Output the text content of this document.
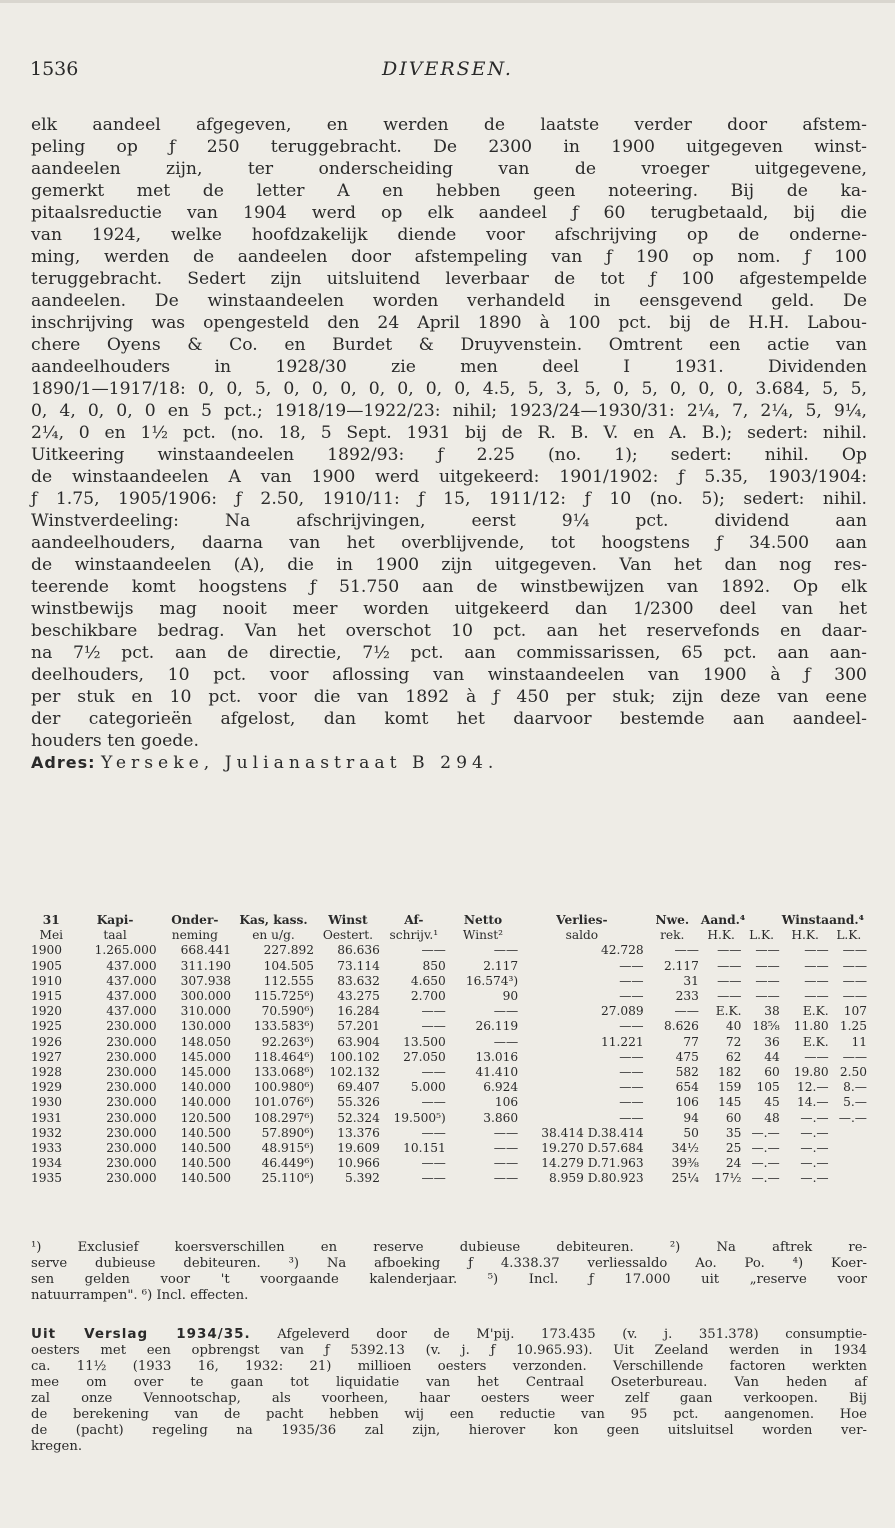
1536	DIVERSEN.

elk aandeel afgegeven, en werden de laatste verder door afstem-

peling op ƒ 250 teruggebracht. De 2300 in 1900 uitgegeven winst-

aandeelen zijn, ter onderscheiding van de vroeger uitgegevene,

gemerkt met de letter A en hebben geen noteering. Bij de ka-

pitaalsreductie van 1904 werd op elk aandeel ƒ 60 terugbetaald, bij die

van 1924, welke hoofdzakelijk diende voor afschrijving op de onderne-

ming, werden de aandeelen door afstempeling van ƒ 190 op nom. ƒ 100

teruggebracht. Sedert zijn uitsluitend leverbaar de tot ƒ 100 afgestempelde

aandeelen. De winstaandeelen worden verhandeld in eensgevend geld. De

inschrijving was opengesteld den 24 April 1890 à 100 pct. bij de H.H. Labou-

chere Oyens & Co. en Burdet & Druyvenstein. Omtrent een actie van

aandeelhouders in 1928/30 zie men deel I 1931. Dividenden

1890/1—1917/18: 0, 0, 5, 0, 0, 0, 0, 0, 0, 0, 4.5, 5, 3, 5, 0, 5, 0, 0, 0, 3.684, 5, 5,

0, 4, 0, 0, 0 en 5 pct.; 1918/19—1922/23: nihil; 1923/24—1930/31: 2¼, 7, 2¼, 5, 9¼,

2¼, 0 en 1½ pct. (no. 18, 5 Sept. 1931 bij de R. B. V. en A. B.); sedert: nihil.

Uitkeering winstaandeelen 1892/93: ƒ 2.25 (no. 1); sedert: nihil. Op

de winstaandeelen A van 1900 werd uitgekeerd: 1901/1902: ƒ 5.35, 1903/1904:

ƒ 1.75, 1905/1906: ƒ 2.50, 1910/11: ƒ 15, 1911/12: ƒ 10 (no. 5); sedert: nihil.

Winstverdeeling: Na afschrijvingen, eerst 9¼ pct. dividend aan

aandeelhouders, daarna van het overblijvende, tot hoogstens ƒ 34.500 aan

de winstaandeelen (A), die in 1900 zijn uitgegeven. Van het dan nog res-

teerende komt hoogstens ƒ 51.750 aan de winstbewijzen van 1892. Op elk

winstbewijs mag nooit meer worden uitgekeerd dan 1/2300 deel van het

beschikbare bedrag. Van het overschot 10 pct. aan het reservefonds en daar-

na 7½ pct. aan de directie, 7½ pct. aan commissarissen, 65 pct. aan aan-

deelhouders, 10 pct. voor aflossing van winstaandeelen van 1900 à ƒ 300

per stuk en 10 pct. voor die van 1892 à ƒ 450 per stuk; zijn deze van eene

der categorieën afgelost, dan komt het daarvoor bestemde aan aandeel-

houders ten goede.

Adres: Yerseke, Julianastraat B 294.

31	Kapi-	Onder-	Kas, kass.	Winst	Af-	Netto	Verlies-	Nwe.	Aand.⁴		Winstaand.⁴	
Mei	taal	neming	en u/g.	Oestert.	schrijv.¹	Winst²	saldo	rek.	H.K.	L.K.	H.K.	L.K.
1900	1.265.000	668.441	227.892	86.636	——	——	42.728	——	——	——	——	——
1905	437.000	311.190	104.505	73.114	850	2.117	——	2.117	——	——	——	——
1910	437.000	307.938	112.555	83.632	4.650	16.574³)	——	31	——	——	——	——
1915	437.000	300.000	115.725⁶)	43.275	2.700	90	——	233	——	——	——	——
1920	437.000	310.000	70.590⁶)	16.284	——	——	27.089	——	E.K.	38	E.K.	107
1925	230.000	130.000	133.583⁶)	57.201	——	26.119	——	8.626	40	18⅝	11.80	1.25
1926	230.000	148.050	92.263⁶)	63.904	13.500	——	11.221	77	72	36	E.K.	11
1927	230.000	145.000	118.464⁶)	100.102	27.050	13.016	——	475	62	44	——	——
1928	230.000	145.000	133.068⁶)	102.132	——	41.410	——	582	182	60	19.80	2.50
1929	230.000	140.000	100.980⁶)	69.407	5.000	6.924	——	654	159	105	12.—	8.—
1930	230.000	140.000	101.076⁶)	55.326	——	106	——	106	145	45	14.—	5.—
1931	230.000	120.500	108.297⁶)	52.324	19.500⁵)	3.860	——	94	60	48	—.—	—.—
1932	230.000	140.500	57.890⁶)	13.376	——	——	38.414 D.38.414	50	35	—.—	—.—	
1933	230.000	140.500	48.915⁶)	19.609	10.151	——	19.270 D.57.684	34½	25	—.—	—.—	
1934	230.000	140.500	46.449⁶)	10.966	——	——	14.279 D.71.963	39⅜	24	—.—	—.—	
1935	230.000	140.500	25.110⁶)	5.392	——	——	8.959 D.80.923	25¼	17½	—.—	—.—	

¹) Exclusief koersverschillen en reserve dubieuse debiteuren. ²) Na aftrek re-

serve dubieuse debiteuren. ³) Na afboeking ƒ 4.338.37 verliessaldo Ao. Po. ⁴) Koer-

sen gelden voor 't voorgaande kalenderjaar. ⁵) Incl. ƒ 17.000 uit „reserve voor

natuurrampen". ⁶) Incl. effecten.

Uit Verslag 1934/35. Afgeleverd door de M'pij. 173.435 (v. j. 351.378) consumptie-

oesters met een opbrengst van ƒ 5392.13 (v. j. ƒ 10.965.93). Uit Zeeland werden in 1934

ca. 11½ (1933 16, 1932: 21) millioen oesters verzonden. Verschillende factoren werkten

mee om over te gaan tot liquidatie van het Centraal Oseterbureau. Van heden af

zal onze Vennootschap, als voorheen, haar oesters weer zelf gaan verkoopen. Bij

de berekening van de pacht hebben wij een reductie van 95 pct. aangenomen. Hoe

de (pacht) regeling na 1935/36 zal zijn, hierover kon geen uitsluitsel worden ver-

kregen.
